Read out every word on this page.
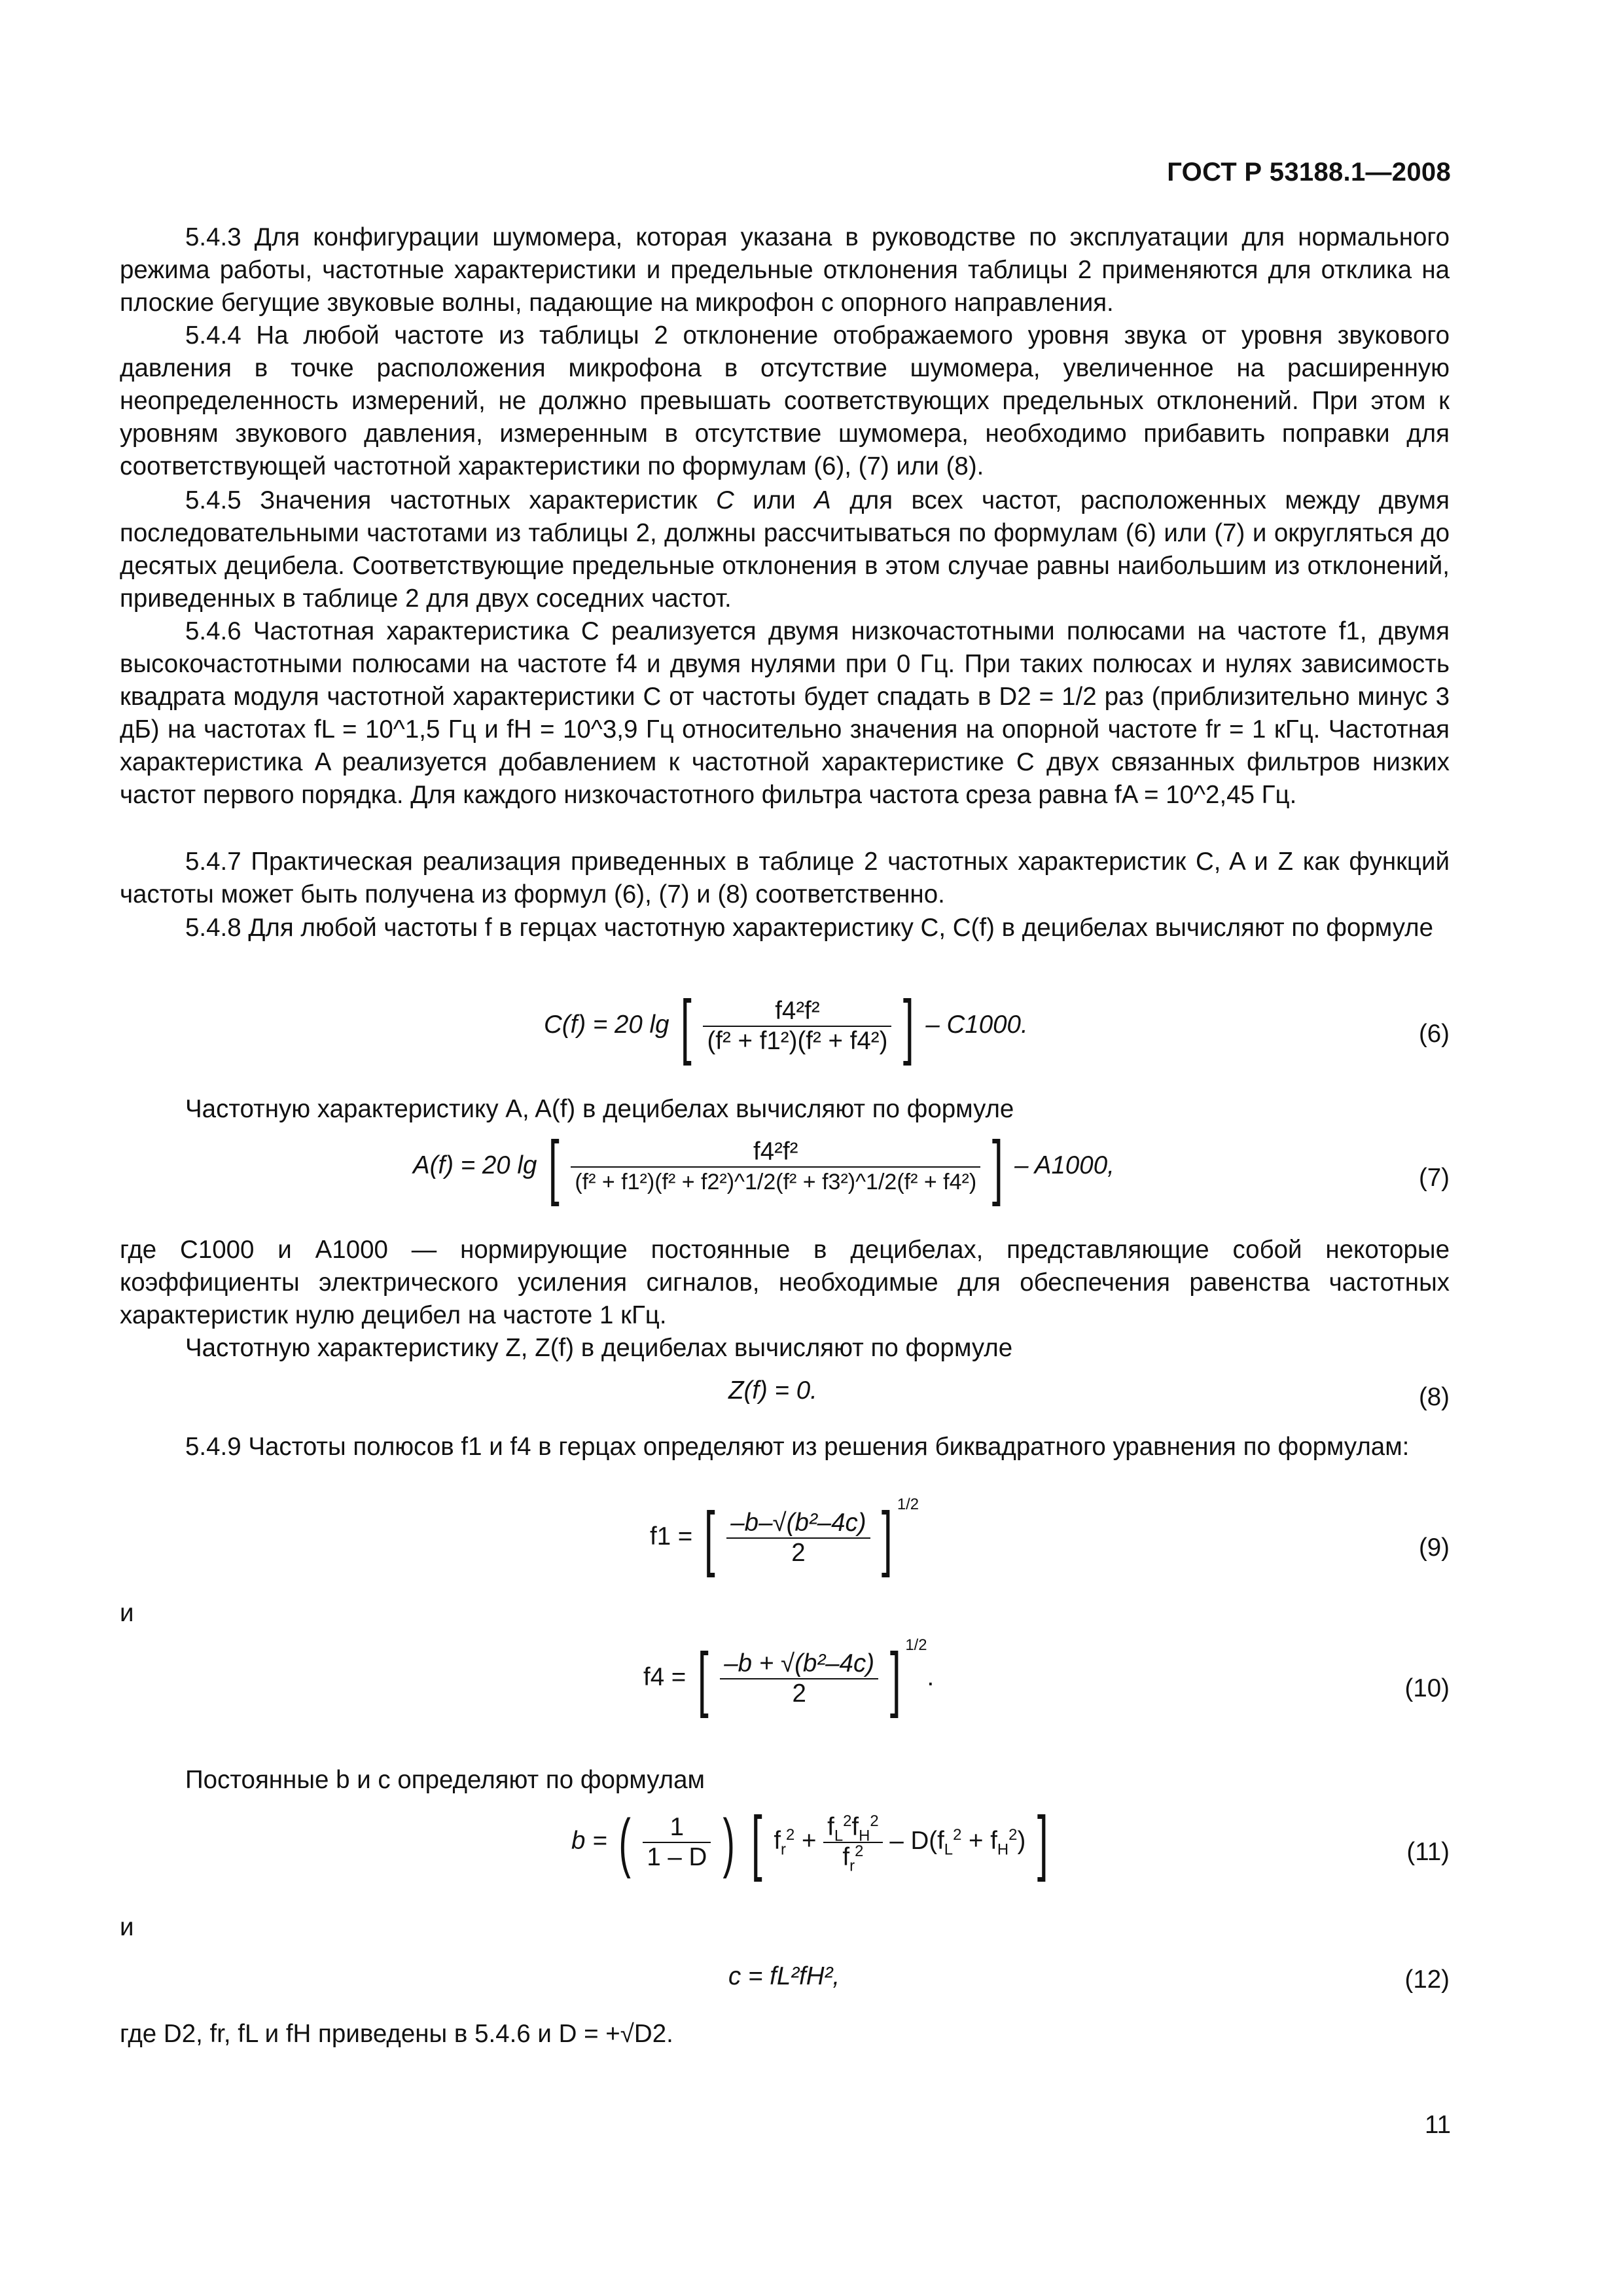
ГОСТ Р 53188.1—2008
5.4.3 Для конфигурации шумомера, которая указана в руководстве по эксплуатации для нормального режима работы, частотные характеристики и предельные отклонения таблицы 2 применяются для отклика на плоские бегущие звуковые волны, падающие на микрофон с опорного направления.
5.4.4 На любой частоте из таблицы 2 отклонение отображаемого уровня звука от уровня звукового давления в точке расположения микрофона в отсутствие шумомера, увеличенное на расширенную неопределенность измерений, не должно превышать соответствующих предельных отклонений. При этом к уровням звукового давления, измеренным в отсутствие шумомера, необходимо прибавить поправки для соответствующей частотной характеристики по формулам (6), (7) или (8).
5.4.5 Значения частотных характеристик C или A для всех частот, расположенных между двумя последовательными частотами из таблицы 2, должны рассчитываться по формулам (6) или (7) и округляться до десятых децибела. Соответствующие предельные отклонения в этом случае равны наибольшим из отклонений, приведенных в таблице 2 для двух соседних частот.
5.4.6 Частотная характеристика C реализуется двумя низкочастотными полюсами на частоте f1, двумя высокочастотными полюсами на частоте f4 и двумя нулями при 0 Гц. При таких полюсах и нулях зависимость квадрата модуля частотной характеристики C от частоты будет спадать в D2 = 1/2 раз (приблизительно минус 3 дБ) на частотах fL = 10^1,5 Гц и fH = 10^3,9 Гц относительно значения на опорной частоте fr = 1 кГц. Частотная характеристика A реализуется добавлением к частотной характеристике C двух связанных фильтров низких частот первого порядка. Для каждого низкочастотного фильтра частота среза равна fA = 10^2,45 Гц.
5.4.7 Практическая реализация приведенных в таблице 2 частотных характеристик C, A и Z как функций частоты может быть получена из формул (6), (7) и (8) соответственно.
5.4.8 Для любой частоты f в герцах частотную характеристику C, C(f) в децибелах вычисляют по формуле
C(f) = 20 lg [ $\frac{\text{f4²f²}}{\text{(f² + f1²)(f² + f4²)}}$ ] – C1000.	(6)
Частотную характеристику A, A(f) в децибелах вычисляют по формуле
A(f) = 20 lg [ $\frac{\text{f4²f²}}{\text{(f² + f1²)(f² + f2²)\textasciicircum{}1/2(f² + f3²)\textasciicircum{}1/2(f² + f4²)}}$ ] – A1000,	(7)
где C1000 и A1000 — нормирующие постоянные в децибелах, представляющие собой некоторые коэффициенты электрического усиления сигналов, необходимые для обеспечения равенства частотных характеристик нулю децибел на частоте 1 кГц.
Частотную характеристику Z, Z(f) в децибелах вычисляют по формуле
Z(f) = 0.	(8)
5.4.9 Частоты полюсов f1 и f4 в герцах определяют из решения биквадратного уравнения по формулам:
f1 = [ $\frac{\text{–b–√(b²–4c)}}{2}$ ] $^{1/2}$
(9)
и
f4 = [ $\frac{\text{–b + √(b²–4c)}}{2}$ ] $^{1/2}$.	(10)
Постоянные b и c определяют по формулам
b = ( $\frac{1}{1 - D}$ ) [ $f_r^2 + \frac{f_L^2f_H^2}{f_r^2} - D(f_L^2 + f_H^2)$ ]	(11)
и
c = fL²fH²,	(12)
где D2, fr, fL и fH приведены в 5.4.6 и D = +√D2.
11
